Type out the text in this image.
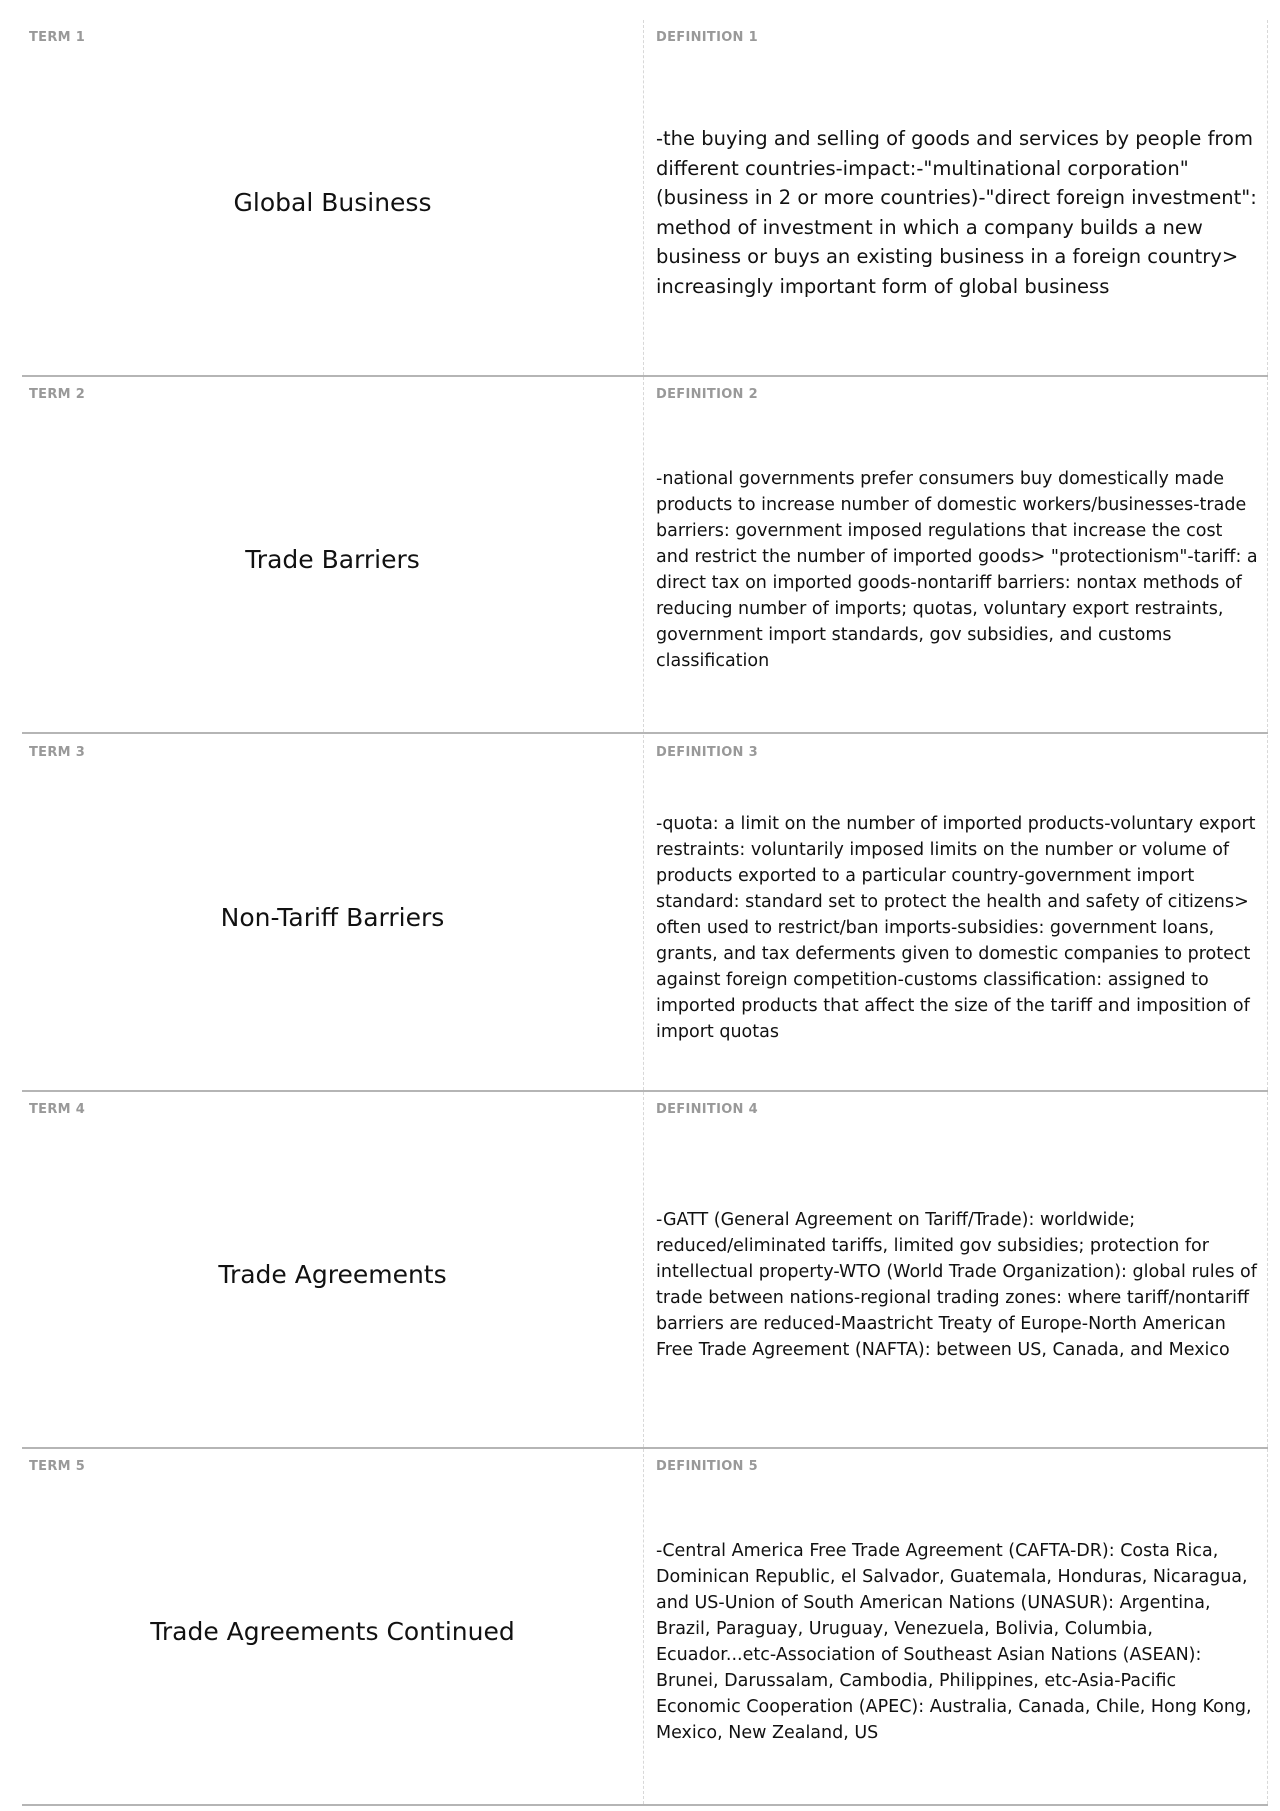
TERM 1
Global Business
DEFINITION 1
-the buying and selling of goods and services by people from different countries-impact:-"multinational corporation" (business in 2 or more countries)-"direct foreign investment": method of investment in which a company builds a new business or buys an existing business in a foreign country> increasingly important form of global business
TERM 2
Trade Barriers
DEFINITION 2
-national governments prefer consumers buy domestically made products to increase number of domestic workers/businesses-trade barriers: government imposed regulations that increase the cost and restrict the number of imported goods> "protectionism"-tariff: a direct tax on imported goods-nontariff barriers: nontax methods of reducing number of imports; quotas, voluntary export restraints, government import standards, gov subsidies, and customs classification
TERM 3
Non-Tariff Barriers
DEFINITION 3
-quota: a limit on the number of imported products-voluntary export restraints: voluntarily imposed limits on the number or volume of products exported to a particular country-government import standard: standard set to protect the health and safety of citizens> often used to restrict/ban imports-subsidies: government loans, grants, and tax deferments given to domestic companies to protect against foreign competition-customs classification: assigned to imported products that affect the size of the tariff and imposition of import quotas
TERM 4
Trade Agreements
DEFINITION 4
-GATT (General Agreement on Tariff/Trade): worldwide; reduced/eliminated tariffs, limited gov subsidies; protection for intellectual property-WTO (World Trade Organization): global rules of trade between nations-regional trading zones: where tariff/nontariff barriers are reduced-Maastricht Treaty of Europe-North American Free Trade Agreement (NAFTA): between US, Canada, and Mexico
TERM 5
Trade Agreements Continued
DEFINITION 5
-Central America Free Trade Agreement (CAFTA-DR): Costa Rica, Dominican Republic, el Salvador, Guatemala, Honduras, Nicaragua, and US-Union of South American Nations (UNASUR): Argentina, Brazil, Paraguay, Uruguay, Venezuela, Bolivia, Columbia, Ecuador...etc-Association of Southeast Asian Nations (ASEAN): Brunei, Darussalam, Cambodia, Philippines, etc-Asia-Pacific Economic Cooperation (APEC): Australia, Canada, Chile, Hong Kong, Mexico, New Zealand, US
